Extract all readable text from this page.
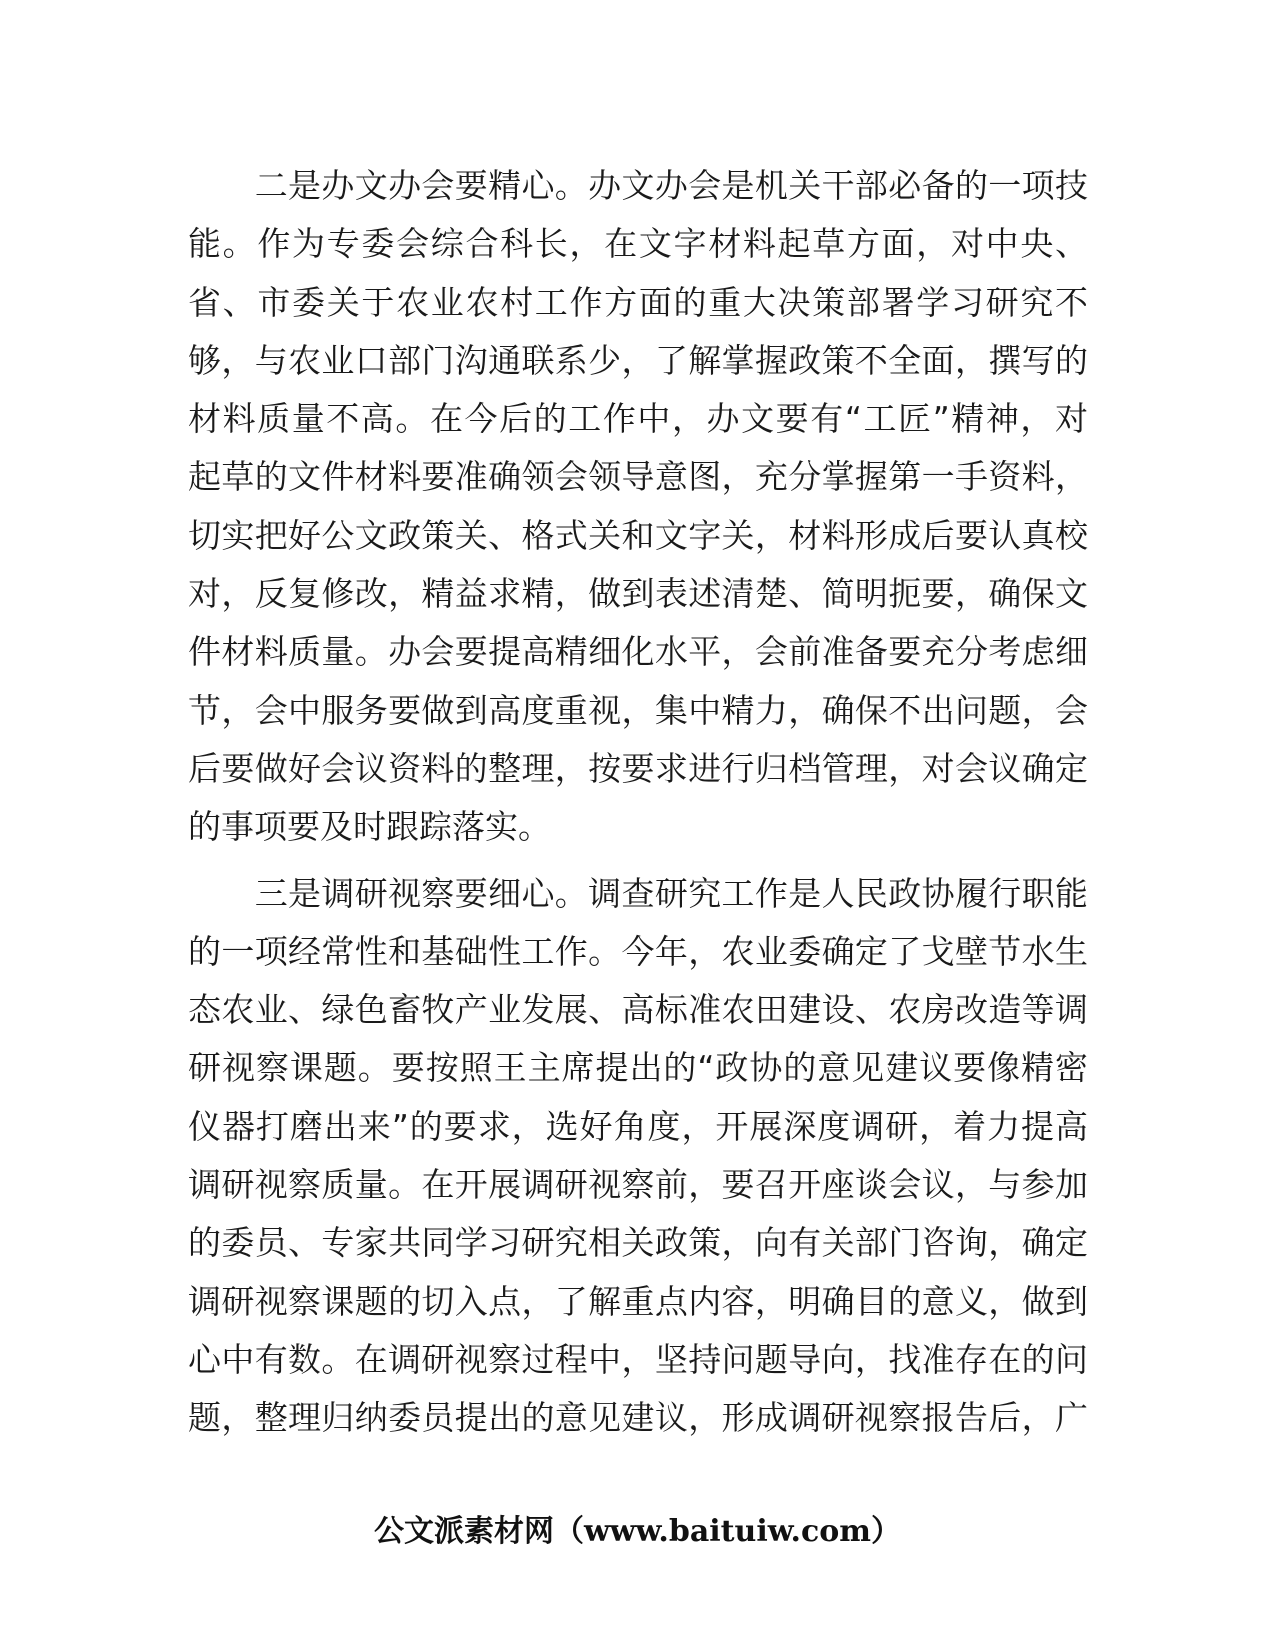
　　二是办文办会要精心。办文办会是机关干部必备的一项技
能。作为专委会综合科长，在文字材料起草方面，对中央、
省、市委关于农业农村工作方面的重大决策部署学习研究不
够，与农业口部门沟通联系少，了解掌握政策不全面，撰写的
材料质量不高。在今后的工作中，办文要有“工匠”精神，对
起草的文件材料要准确领会领导意图，充分掌握第一手资料，
切实把好公文政策关、格式关和文字关，材料形成后要认真校
对，反复修改，精益求精，做到表述清楚、简明扼要，确保文
件材料质量。办会要提高精细化水平，会前准备要充分考虑细
节，会中服务要做到高度重视，集中精力，确保不出问题，会
后要做好会议资料的整理，按要求进行归档管理，对会议确定
的事项要及时跟踪落实。
　　三是调研视察要细心。调查研究工作是人民政协履行职能
的一项经常性和基础性工作。今年，农业委确定了戈壁节水生
态农业、绿色畜牧产业发展、高标准农田建设、农房改造等调
研视察课题。要按照王主席提出的“政协的意见建议要像精密
仪器打磨出来”的要求，选好角度，开展深度调研，着力提高
调研视察质量。在开展调研视察前，要召开座谈会议，与参加
的委员、专家共同学习研究相关政策，向有关部门咨询，确定
调研视察课题的切入点，了解重点内容，明确目的意义，做到
心中有数。在调研视察过程中，坚持问题导向，找准存在的问
题，整理归纳委员提出的意见建议，形成调研视察报告后，广
公文派素材网（www.baituiw.com）
